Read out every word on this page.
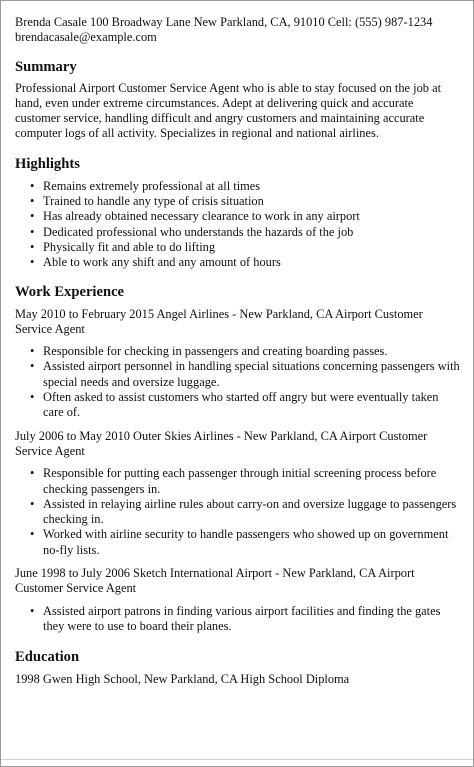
Brenda Casale 100 Broadway Lane New Parkland, CA, 91010 Cell: (555) 987-1234
brendacasale@example.com
Summary

Professional Airport Customer Service Agent who is able to stay focused on the job at hand, even under extreme circumstances. Adept at delivering quick and accurate customer service, handling difficult and angry customers and maintaining accurate computer logs of all activity. Specializes in regional and national airlines.

Highlights
• Remains extremely professional at all times
• Trained to handle any type of crisis situation
• Has already obtained necessary clearance to work in any airport
• Dedicated professional who understands the hazards of the job
• Physically fit and able to do lifting
• Able to work any shift and any amount of hours
Work Experience

May 2010 to February 2015 Angel Airlines - New Parkland, CA Airport Customer Service Agent

• Responsible for checking in passengers and creating boarding passes.
• Assisted airport personnel in handling special situations concerning passengers with special needs and oversize luggage.
• Often asked to assist customers who started off angry but were eventually taken care of.

July 2006 to May 2010 Outer Skies Airlines - New Parkland, CA Airport Customer Service Agent

• Responsible for putting each passenger through initial screening process before checking passengers in.
• Assisted in relaying airline rules about carry-on and oversize luggage to passengers checking in.
• Worked with airline security to handle passengers who showed up on government no-fly lists.

June 1998 to July 2006 Sketch International Airport - New Parkland, CA Airport Customer Service Agent

• Assisted airport patrons in finding various airport facilities and finding the gates they were to use to board their planes.
Education

1998 Gwen High School, New Parkland, CA High School Diploma
